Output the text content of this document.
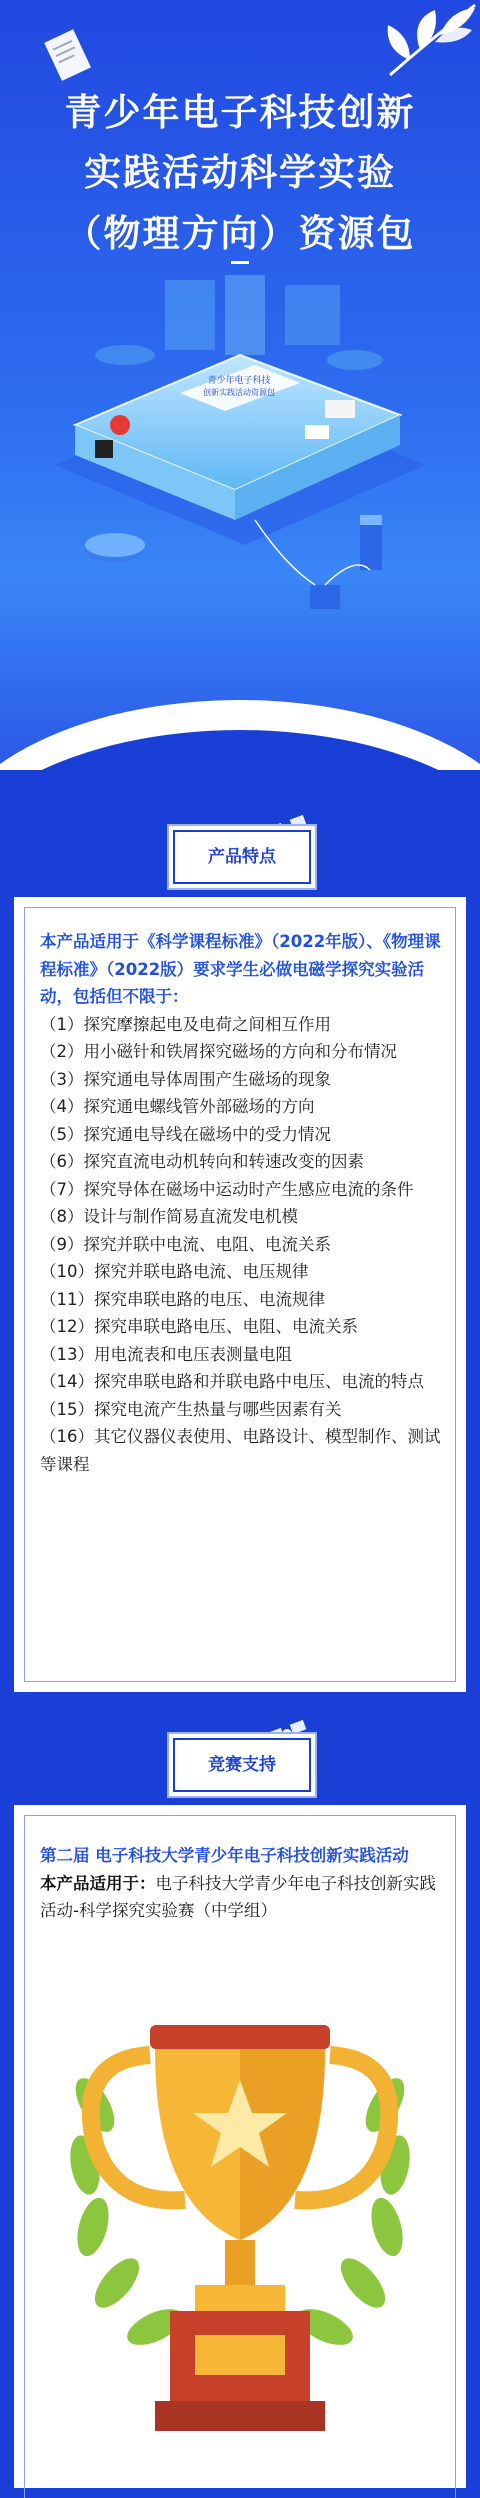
青少年电子科技创新
实践活动科学实验
（物理方向）资源包
青少年电子科技
创新实践活动资源包
产品特点

本产品适用于《科学课程标准》（2022年版）、《物理课程标准》（2022版）要求学生必做电磁学探究实验活动，包括但不限于：

（1）探究摩擦起电及电荷之间相互作用

（2）用小磁针和铁屑探究磁场的方向和分布情况

（3）探究通电导体周围产生磁场的现象

（4）探究通电螺线管外部磁场的方向

（5）探究通电导线在磁场中的受力情况

（6）探究直流电动机转向和转速改变的因素

（7）探究导体在磁场中运动时产生感应电流的条件

（8）设计与制作简易直流发电机模

（9）探究并联中电流、电阻、电流关系

（10）探究并联电路电流、电压规律

（11）探究串联电路的电压、电流规律

（12）探究串联电路电压、电阻、电流关系

（13）用电流表和电压表测量电阻

（14）探究串联电路和并联电路中电压、电流的特点

（15）探究电流产生热量与哪些因素有关

（16）其它仪器仪表使用、电路设计、模型制作、测试等课程

竞赛支持

第二届 电子科技大学青少年电子科技创新实践活动

本产品适用于：电子科技大学青少年电子科技创新实践活动-科学探究实验赛（中学组）
